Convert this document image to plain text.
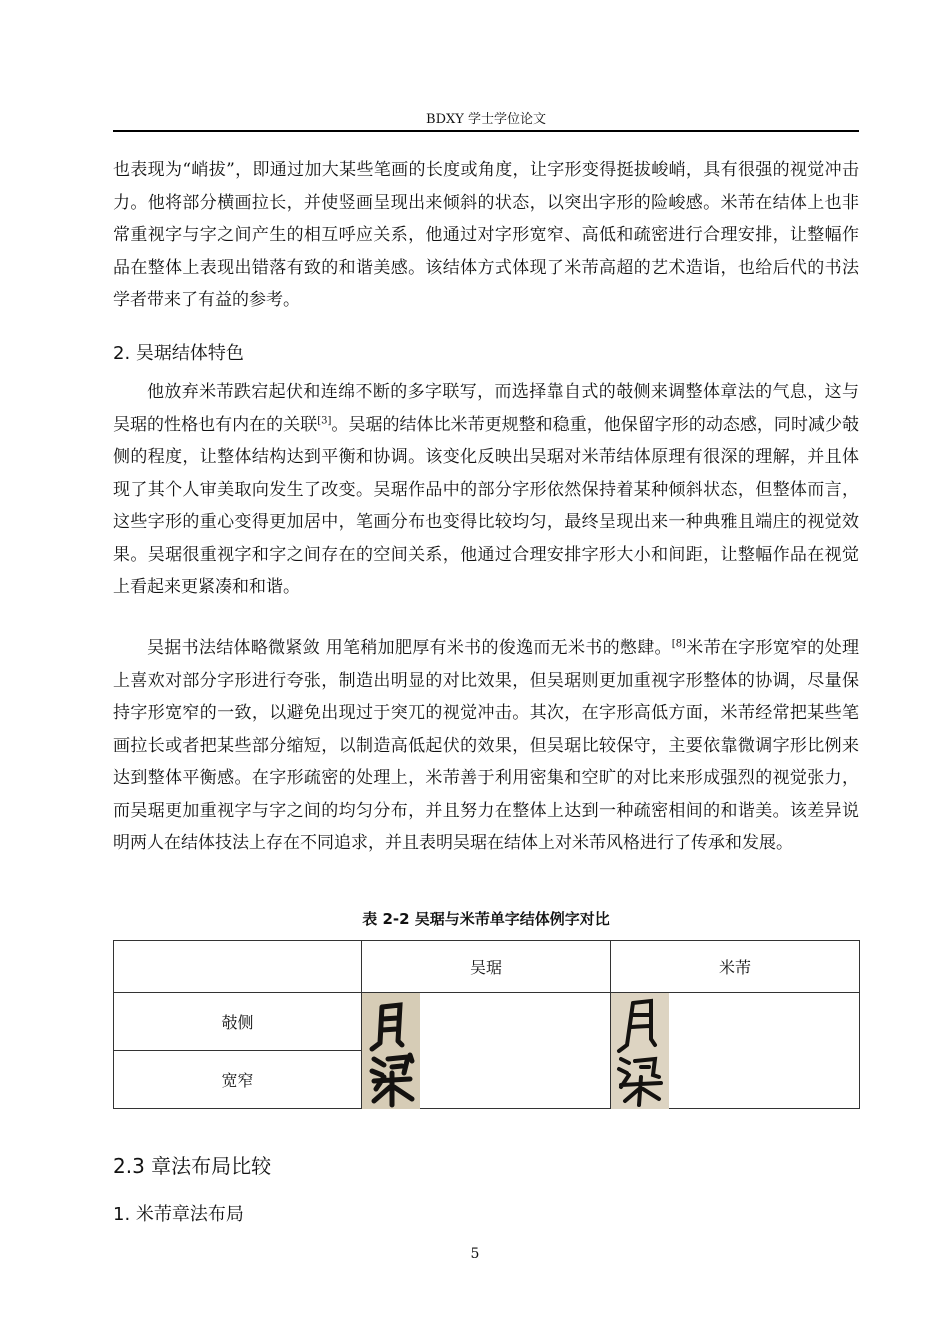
BDXY 学士学位论文

也表现为“峭拔”，即通过加大某些笔画的长度或角度，让字形变得挺拔峻峭，具有很强的视觉冲击力。他将部分横画拉长，并使竖画呈现出来倾斜的状态，以突出字形的险峻感。米芾在结体上也非常重视字与字之间产生的相互呼应关系，他通过对字形宽窄、高低和疏密进行合理安排，让整幅作品在整体上表现出错落有致的和谐美感。该结体方式体现了米芾高超的艺术造诣，也给后代的书法学者带来了有益的参考。

2. 吴琚结体特色

他放弃米芾跌宕起伏和连绵不断的多字联写，而选择靠自式的攲侧来调整体章法的气息，这与吴琚的性格也有内在的关联[3]。吴琚的结体比米芾更规整和稳重，他保留字形的动态感，同时减少攲侧的程度，让整体结构达到平衡和协调。该变化反映出吴琚对米芾结体原理有很深的理解，并且体现了其个人审美取向发生了改变。吴琚作品中的部分字形依然保持着某种倾斜状态，但整体而言，这些字形的重心变得更加居中，笔画分布也变得比较均匀，最终呈现出来一种典雅且端庄的视觉效果。吴琚很重视字和字之间存在的空间关系，他通过合理安排字形大小和间距，让整幅作品在视觉上看起来更紧凑和和谐。

吴据书法结体略微紧敛 用笔稍加肥厚有米书的俊逸而无米书的憋肆。[8]米芾在字形宽窄的处理上喜欢对部分字形进行夸张，制造出明显的对比效果，但吴琚则更加重视字形整体的协调，尽量保持字形宽窄的一致，以避免出现过于突兀的视觉冲击。其次，在字形高低方面，米芾经常把某些笔画拉长或者把某些部分缩短，以制造高低起伏的效果，但吴琚比较保守，主要依靠微调字形比例来达到整体平衡感。在字形疏密的处理上，米芾善于利用密集和空旷的对比来形成强烈的视觉张力，而吴琚更加重视字与字之间的均匀分布，并且努力在整体上达到一种疏密相间的和谐美。该差异说明两人在结体技法上存在不同追求，并且表明吴琚在结体上对米芾风格进行了传承和发展。

表 2-2 吴琚与米芾单字结体例字对比
	吴琚	米芾
攲侧	

宽窄		
2.3 章法布局比较
1. 米芾章法布局
5
